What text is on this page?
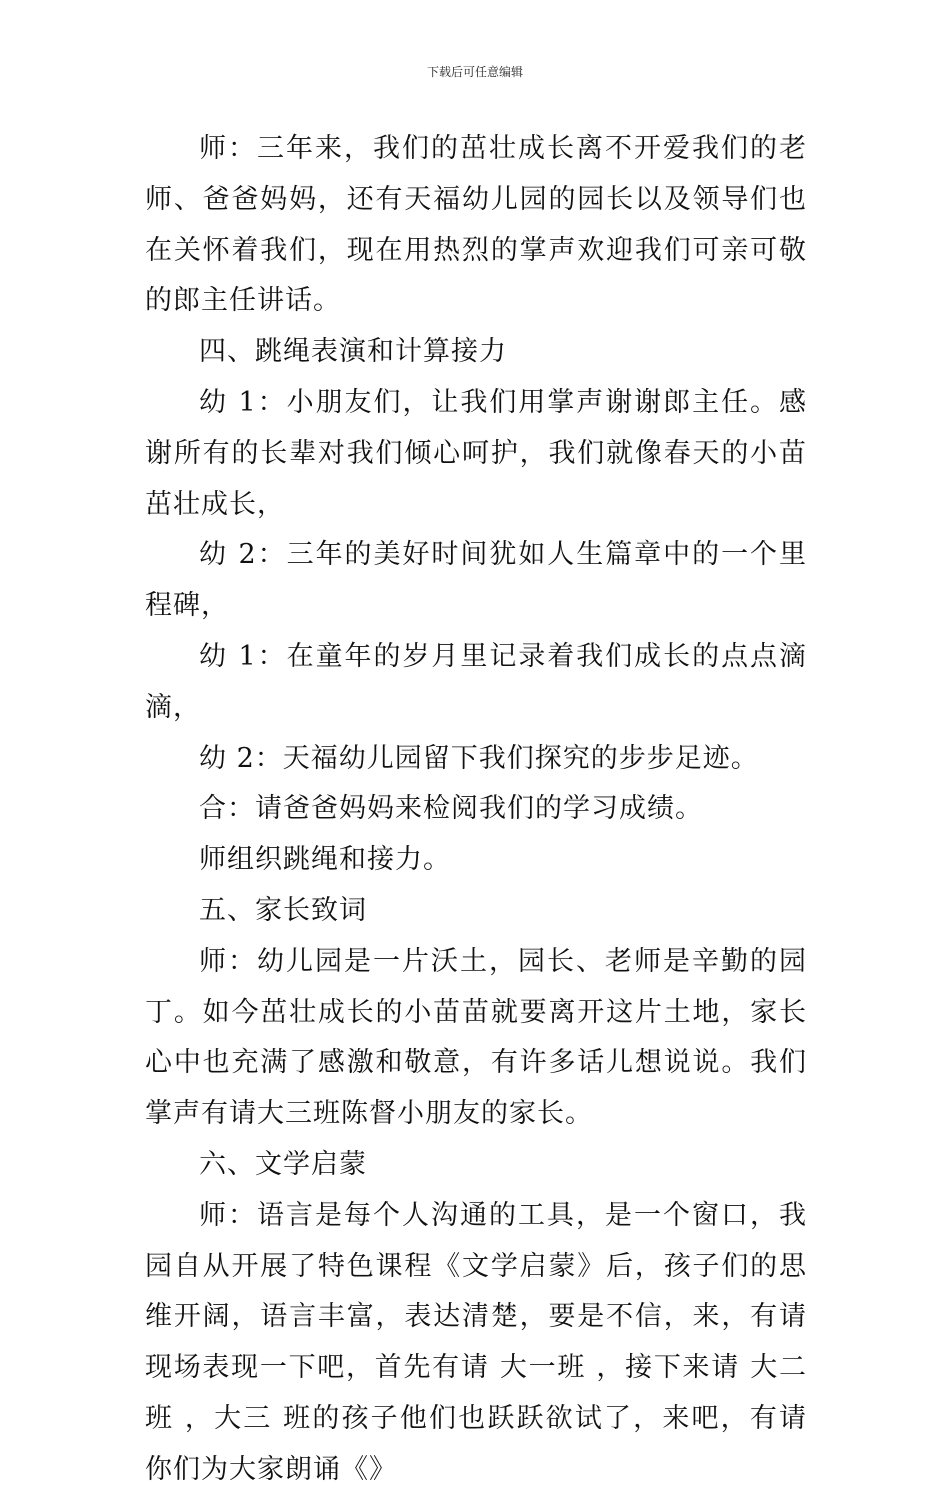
下载后可任意编辑

师：三年来，我们的茁壮成长离不开爱我们的老师、爸爸妈妈，还有天福幼儿园的园长以及领导们也在关怀着我们，现在用热烈的掌声欢迎我们可亲可敬的郎主任讲话。

四、跳绳表演和计算接力

幼 1：小朋友们，让我们用掌声谢谢郎主任。感谢所有的长辈对我们倾心呵护，我们就像春天的小苗茁壮成长，

幼 2：三年的美好时间犹如人生篇章中的一个里程碑，

幼 1：在童年的岁月里记录着我们成长的点点滴滴，

幼 2：天福幼儿园留下我们探究的步步足迹。

合：请爸爸妈妈来检阅我们的学习成绩。

师组织跳绳和接力。

五、家长致词

师：幼儿园是一片沃土，园长、老师是辛勤的园丁。如今茁壮成长的小苗苗就要离开这片土地，家长心中也充满了感激和敬意，有许多话儿想说说。我们掌声有请大三班陈督小朋友的家长。

六、文学启蒙

师：语言是每个人沟通的工具，是一个窗口，我园自从开展了特色课程《文学启蒙》后，孩子们的思维开阔，语言丰富，表达清楚，要是不信，来，有请现场表现一下吧，首先有请 大一班 ，接下来请 大二班 ，大三 班的孩子他们也跃跃欲试了，来吧，有请你们为大家朗诵《》
